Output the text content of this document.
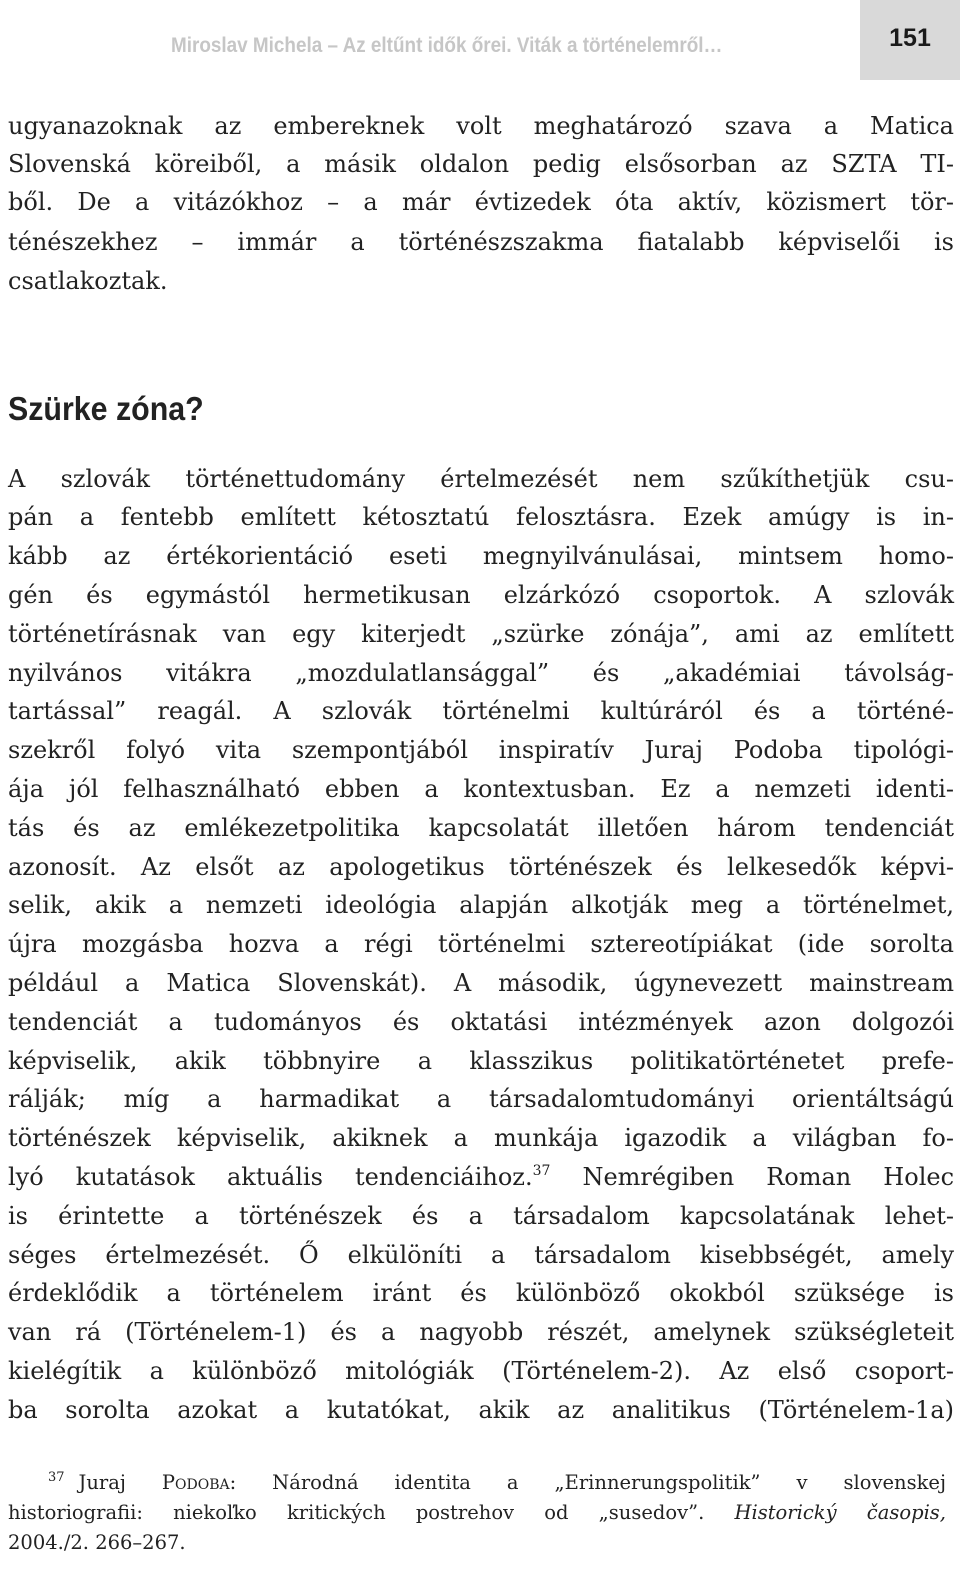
Miroslav Michela – Az eltűnt idők őrei. Viták a történelemről…	151
ugyanazoknak az embereknek volt meghatározó szava a Matica
Slovenská köreiből, a másik oldalon pedig elsősorban az SZTA TI-
ből. De a vitázókhoz – a már évtizedek óta aktív, közismert tör-
ténészekhez – immár a történészszakma fiatalabb képviselői is
csatlakoztak.
Szürke zóna?
A szlovák történettudomány értelmezését nem szűkíthetjük csu-
pán a fentebb említett kétosztatú felosztásra. Ezek amúgy is in-
kább az értékorientáció eseti megnyilvánulásai, mintsem homo-
gén és egymástól hermetikusan elzárkózó csoportok. A szlovák
történetírásnak van egy kiterjedt „szürke zónája”, ami az említett
nyilvános vitákra „mozdulatlansággal” és „akadémiai távolság-
tartással” reagál. A szlovák történelmi kultúráról és a történé-
szekről folyó vita szempontjából inspiratív Juraj Podoba tipológi-
ája jól felhasználható ebben a kontextusban. Ez a nemzeti identi-
tás és az emlékezetpolitika kapcsolatát illetően három tendenciát
azonosít. Az elsőt az apologetikus történészek és lelkesedők képvi-
selik, akik a nemzeti ideológia alapján alkotják meg a történelmet,
újra mozgásba hozva a régi történelmi sztereotípiákat (ide sorolta
például a Matica Slovenskát). A második, úgynevezett mainstream
tendenciát a tudományos és oktatási intézmények azon dolgozói
képviselik, akik többnyire a klasszikus politikatörténetet prefe-
rálják; míg a harmadikat a társadalomtudományi orientáltságú
történészek képviselik, akiknek a munkája igazodik a világban fo-
lyó kutatások aktuális tendenciáihoz.$^{37}$ Nemrégiben Roman Holec
is érintette a történészek és a társadalom kapcsolatának lehet-
séges értelmezését. Ő elkülöníti a társadalom kisebbségét, amely
érdeklődik a történelem iránt és különböző okokból szüksége is
van rá (Történelem-1) és a nagyobb részét, amelynek szükségleteit
kielégítik a különböző mitológiák (Történelem-2). Az első csoport-
ba sorolta azokat a kutatókat, akik az analitikus (Történelem-1a)
$^{37}$ Juraj Podoba: Národná identita a „Erinnerungspolitik” v slovenskej
historiografii: niekoľko kritických postrehov od „susedov”. Historický časopis,
2004./2. 266–267.
